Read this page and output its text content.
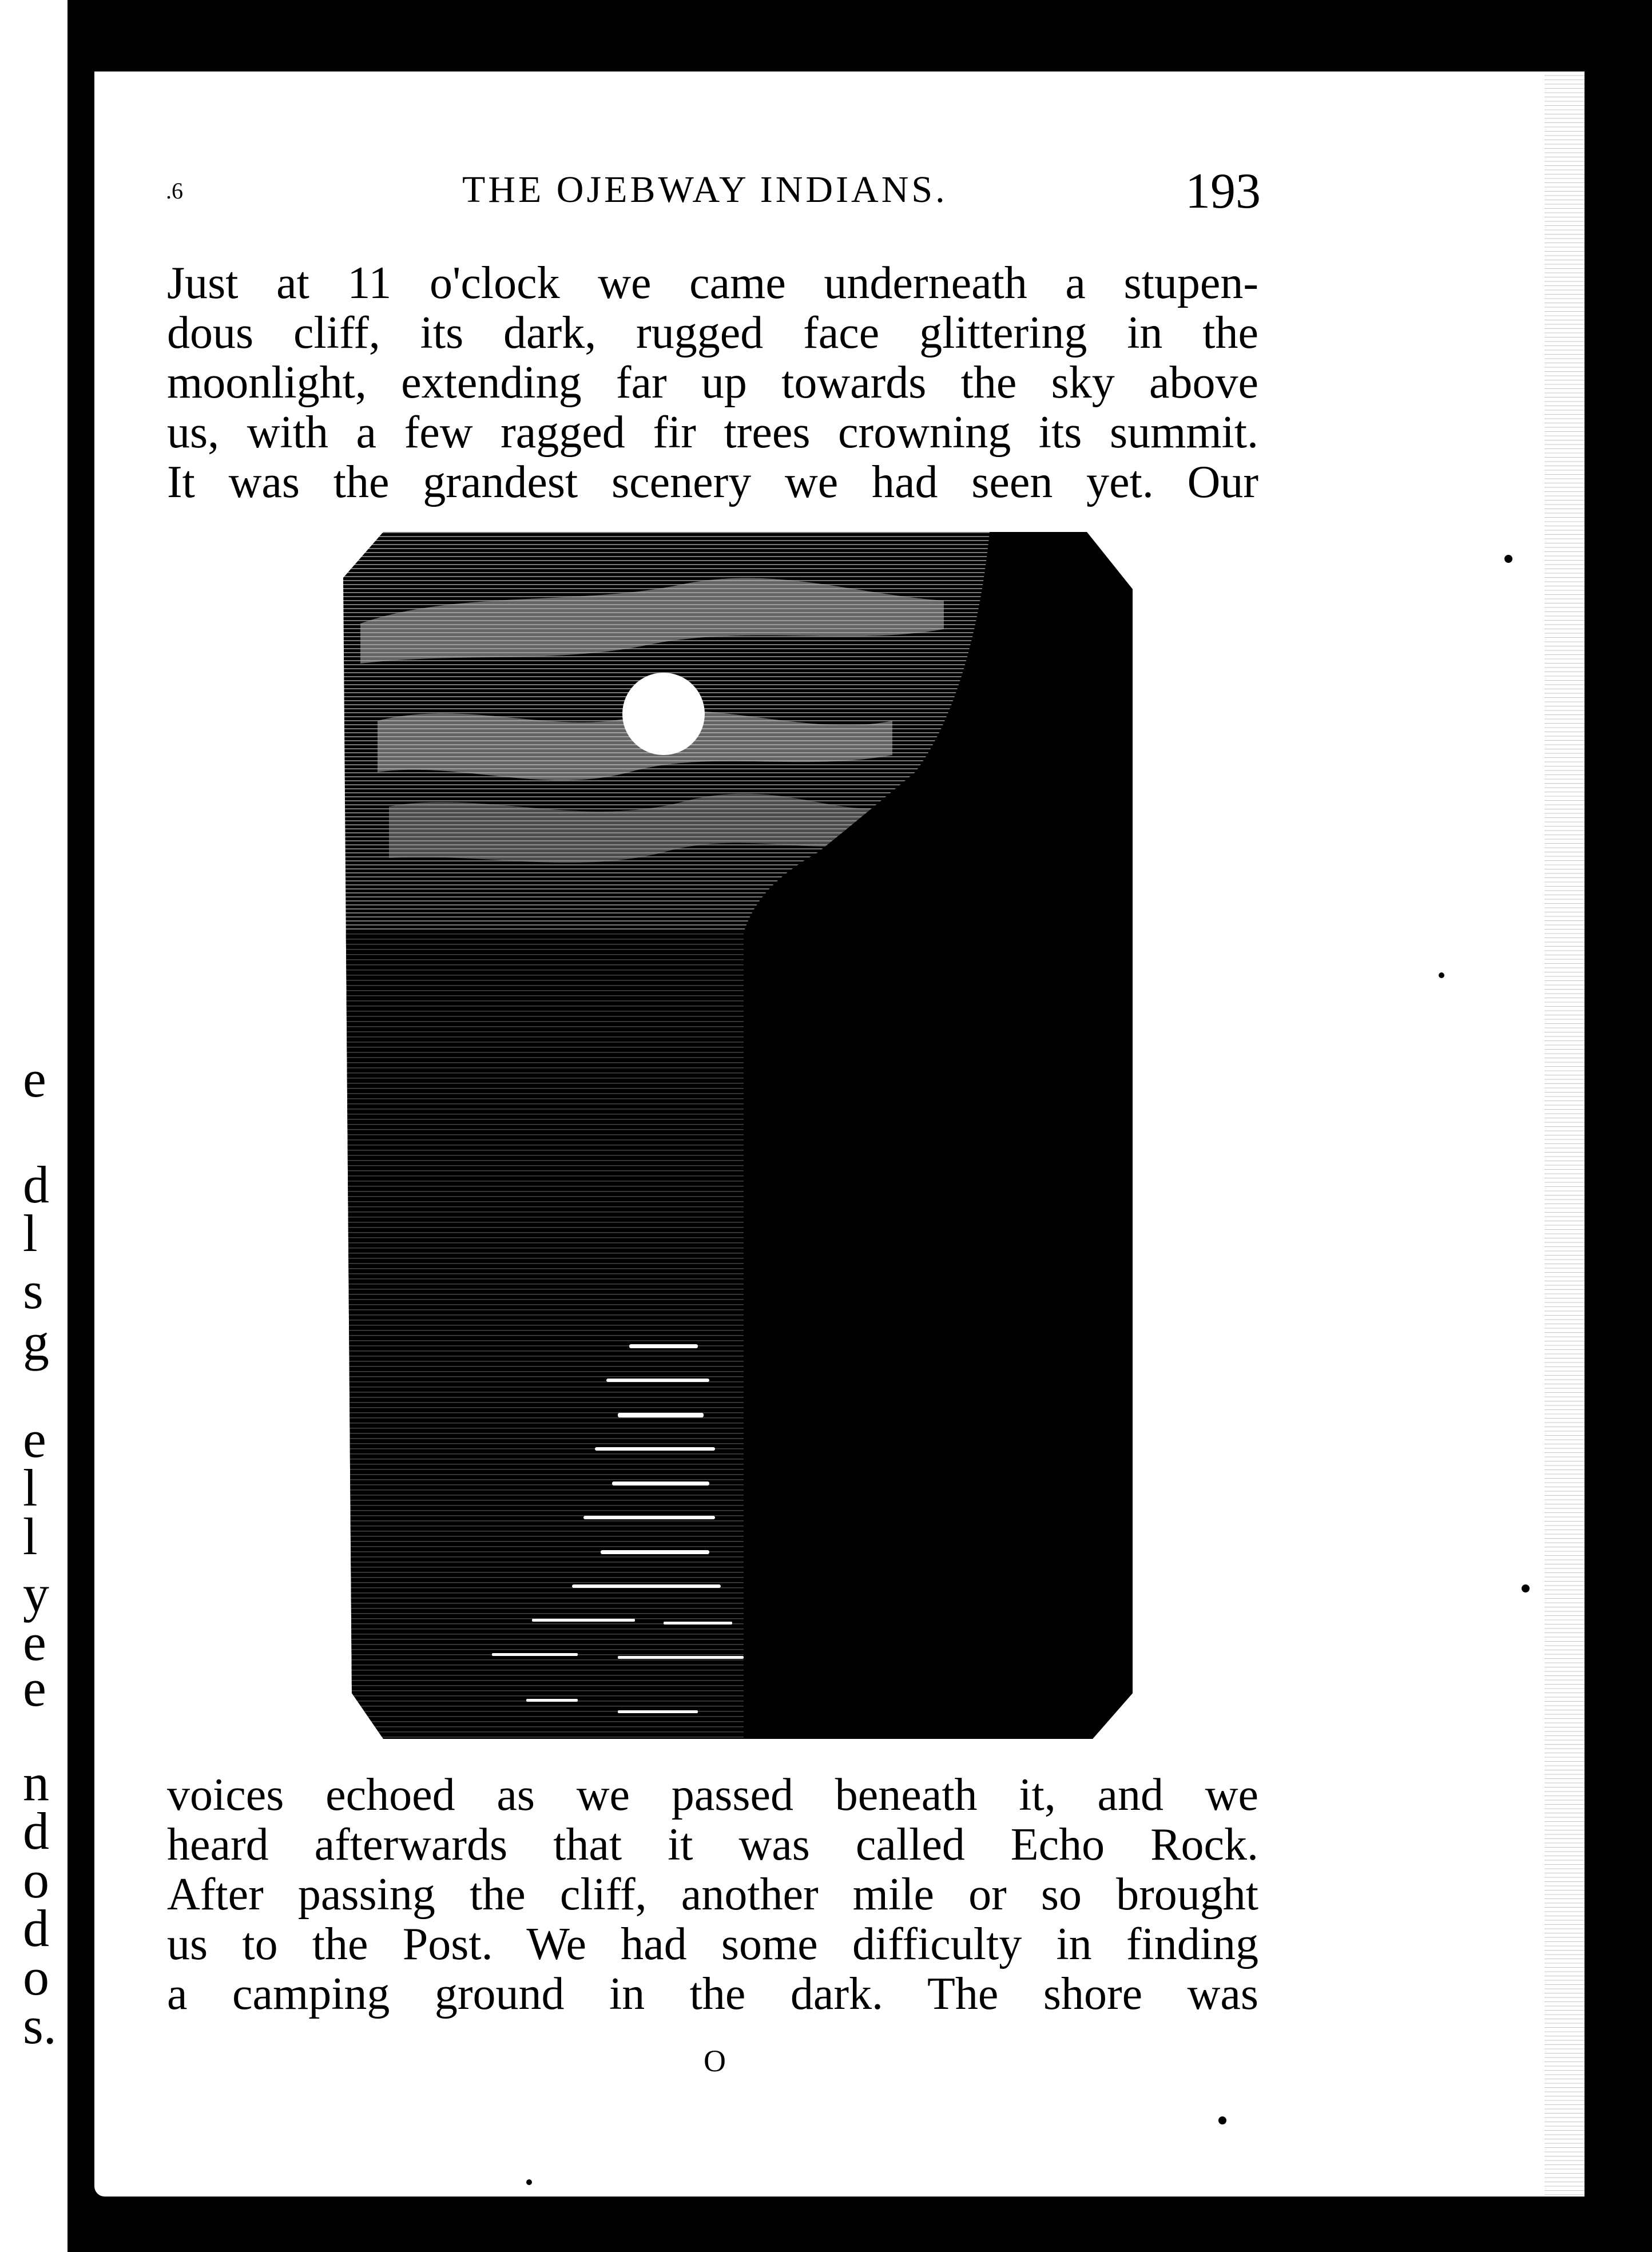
e
d
l
s
g
e
l
l
y
e
e
n
d
o
d
o
s.
.6	THE OJEBWAY INDIANS.	193
Just at 11 o'clock we came underneath a stupen-
dous cliff, its dark, rugged face glittering in the
moonlight, extending far up towards the sky above
us, with a few ragged fir trees crowning its summit.
It was the grandest scenery we had seen yet. Our
voices echoed as we passed beneath it, and we
heard afterwards that it was called Echo Rock.
After passing the cliff, another mile or so brought
us to the Post. We had some difficulty in finding
a camping ground in the dark. The shore was
O
